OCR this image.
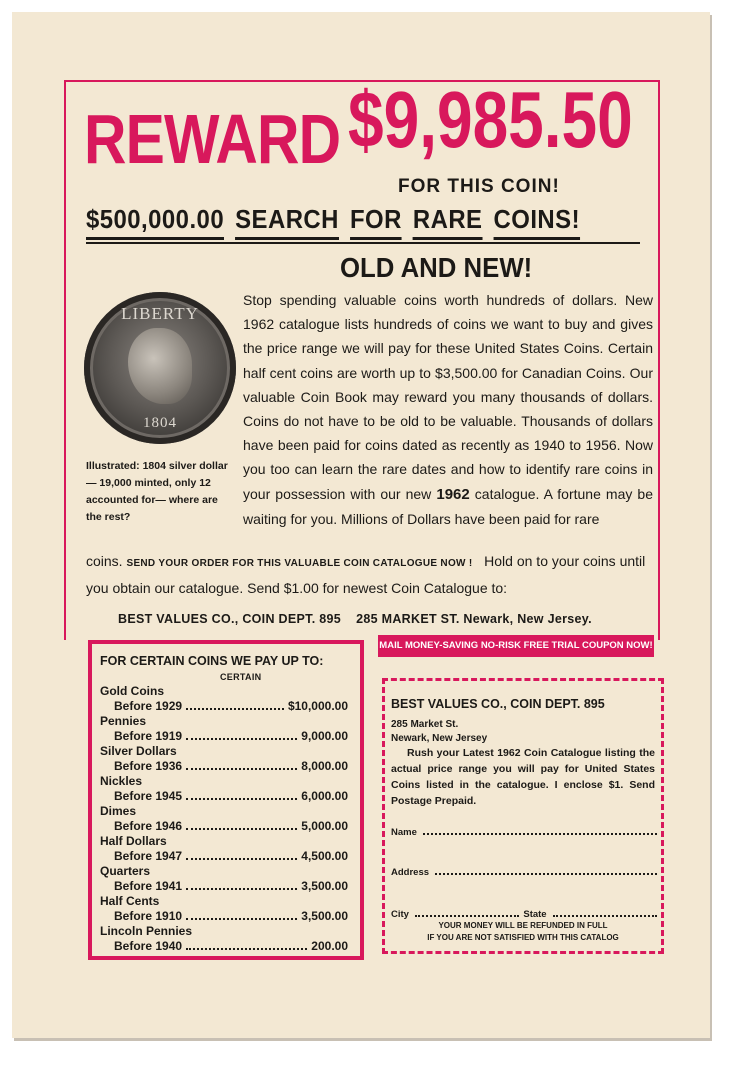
REWARD $9,985.50
FOR THIS COIN!
$500,000.00 SEARCH FOR RARE COINS!
OLD AND NEW!
LIBERTY
1804
Illustrated: 1804 silver dollar — 19,000 minted, only 12 accounted for— where are the rest?
Stop spending valuable coins worth hundreds of dollars. New 1962 catalogue lists hundreds of coins we want to buy and gives the price range we will pay for these United States Coins. Certain half cent coins are worth up to $3,500.00 for Canadian Coins. Our valuable Coin Book may reward you many thousands of dollars. Coins do not have to be old to be valuable. Thousands of dollars have been paid for coins dated as recently as 1940 to 1956. Now you too can learn the rare dates and how to identify rare coins in your possession with our new 1962 catalogue. A fortune may be waiting for you. Millions of Dollars have been paid for rare
coins. SEND YOUR ORDER FOR THIS VALUABLE COIN CATALOGUE NOW ! Hold on to your coins until you obtain our catalogue. Send $1.00 for newest Coin Catalogue to:
BEST VALUES CO., COIN DEPT. 895 285 MARKET ST. Newark, New Jersey.
MAIL MONEY-SAVING NO-RISK FREE TRIAL COUPON NOW!
FOR CERTAIN COINS WE PAY UP TO:
CERTAIN
Gold Coins
Before 1929	$10,000.00
Pennies
Before 1919	9,000.00
Silver Dollars
Before 1936	8,000.00
Nickles
Before 1945	6,000.00
Dimes
Before 1946	5,000.00
Half Dollars
Before 1947	4,500.00
Quarters
Before 1941	3,500.00
Half Cents
Before 1910	3,500.00
Lincoln Pennies
Before 1940	200.00
BEST VALUES CO., COIN DEPT. 895
285 Market St.
Newark, New Jersey
Rush your Latest 1962 Coin Catalogue listing the actual price range you will pay for United States Coins listed in the catalogue. I enclose $1. Send Postage Prepaid.
Name
Address
City	State
YOUR MONEY WILL BE REFUNDED IN FULL
IF YOU ARE NOT SATISFIED WITH THIS CATALOG
